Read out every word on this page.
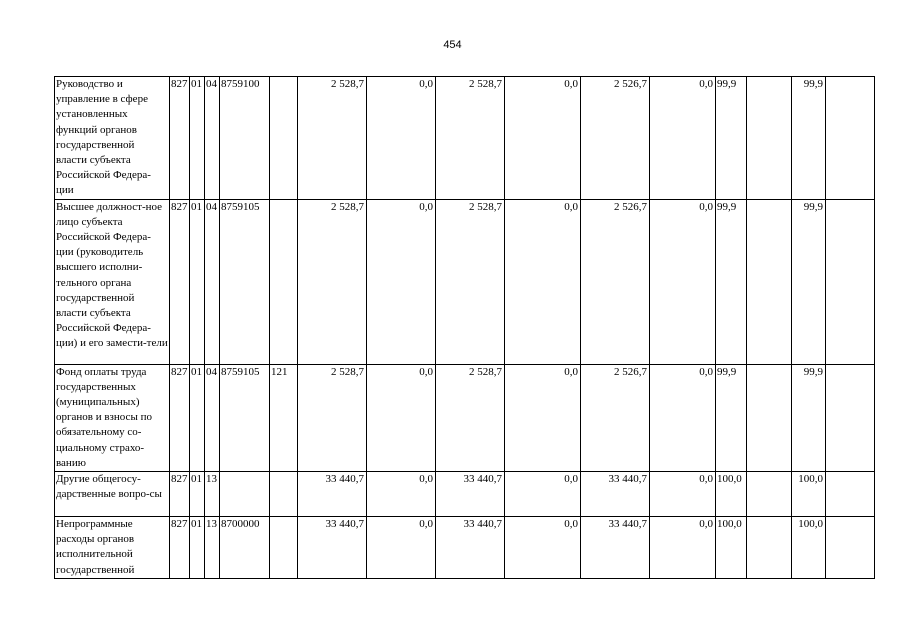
454
Руководство и управление в сфере установленных функций органов государственной власти субъекта Российской Федера-ции	827	01	04	8759100		2 528,7	0,0	2 528,7	0,0	2 526,7	0,0	99,9		99,9	
Высшее должност-ное лицо субъекта Российской Федера-ции (руководитель высшего исполни-тельного органа государственной власти субъекта Российской Федера-ции) и его замести-тели	827	01	04	8759105		2 528,7	0,0	2 528,7	0,0	2 526,7	0,0	99,9		99,9	
Фонд оплаты труда государственных (муниципальных) органов и взносы по обязательному со-циальному страхо-ванию	827	01	04	8759105	121	2 528,7	0,0	2 528,7	0,0	2 526,7	0,0	99,9		99,9	
Другие общегосу-дарственные вопро-сы	827	01	13			33 440,7	0,0	33 440,7	0,0	33 440,7	0,0	100,0		100,0	
Непрограммные расходы органов исполнительной государственной	827	01	13	8700000		33 440,7	0,0	33 440,7	0,0	33 440,7	0,0	100,0		100,0	
